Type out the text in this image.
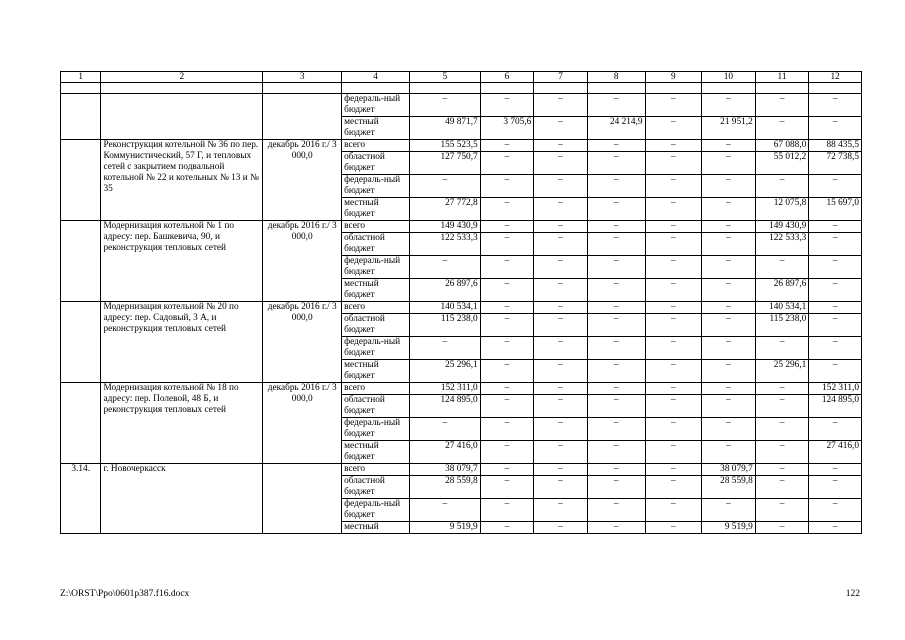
1	2	3	4	5	6	7	8	9	10	11	12

			федераль-ный бюджет	–	–	–	–	–	–	–	–
			местный бюджет	49 871,7	3 705,6	–	24 214,9	–	21 951,2	–	–
	Реконструкция котельной № 36 по пер. Коммунистический, 57 Г, и тепловых сетей с закрытием подвальной котельной № 22 и котельных № 13 и № 35	декабрь 2016 г./ 3 000,0	всего	155 523,5	–	–	–	–	–	67 088,0	88 435,5
			областной бюджет	127 750,7	–	–	–	–	–	55 012,2	72 738,5
			федераль-ный бюджет	–	–	–	–	–	–	–	–
			местный бюджет	27 772,8	–	–	–	–	–	12 075,8	15 697,0
	Модернизация котельной № 1 по адресу: пер. Башкевича, 90, и реконструкция тепловых сетей	декабрь 2016 г./ 3 000,0	всего	149 430,9	–	–	–	–	–	149 430,9	–
			областной бюджет	122 533,3	–	–	–	–	–	122 533,3	–
			федераль-ный бюджет	–	–	–	–	–	–	–	–
			местный бюджет	26 897,6	–	–	–	–	–	26 897,6	–
	Модернизация котельной № 20 по адресу: пер. Садовый, 3 А, и реконструкция тепловых сетей	декабрь 2016 г./ 3 000,0	всего	140 534,1	–	–	–	–	–	140 534,1	–
			областной бюджет	115 238,0	–	–	–	–	–	115 238,0	–
			федераль-ный бюджет	–	–	–	–	–	–	–	–
			местный бюджет	25 296,1	–	–	–	–	–	25 296,1	–
	Модернизация котельной № 18 по адресу: пер. Полевой, 48 Б, и реконструкция тепловых сетей	декабрь 2016 г./ 3 000,0	всего	152 311,0	–	–	–	–	–	–	152 311,0
			областной бюджет	124 895,0	–	–	–	–	–	–	124 895,0
			федераль-ный бюджет	–	–	–	–	–	–	–	–
			местный бюджет	27 416,0	–	–	–	–	–	–	27 416,0
3.14.	г. Новочеркасск		всего	38 079,7	–	–	–	–	38 079,7	–	–
			областной бюджет	28 559,8	–	–	–	–	28 559,8	–	–
			федераль-ный бюджет	–	–	–	–	–	–	–	–
			местный	9 519,9	–	–	–	–	9 519,9	–	–
Z:\ORST\Ppo\0601p387.f16.docx	122
